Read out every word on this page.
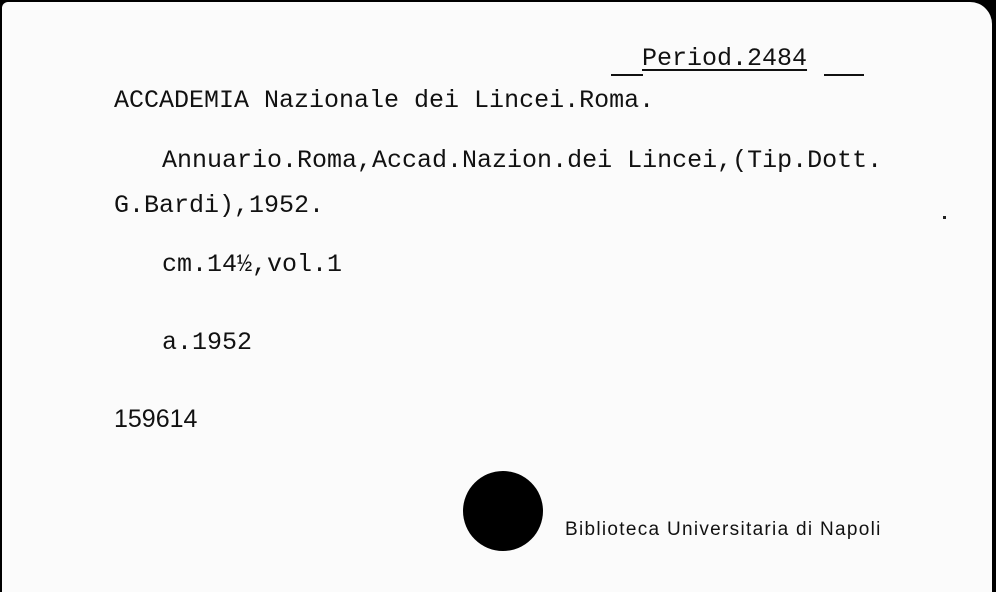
Period.2484
ACCADEMIA Nazionale dei Lincei.Roma.
Annuario.Roma,Accad.Nazion.dei Lincei,(Tip.Dott.
G.Bardi),1952.
cm.14½,vol.1
a.1952
159614
Biblioteca Universitaria di Napoli
